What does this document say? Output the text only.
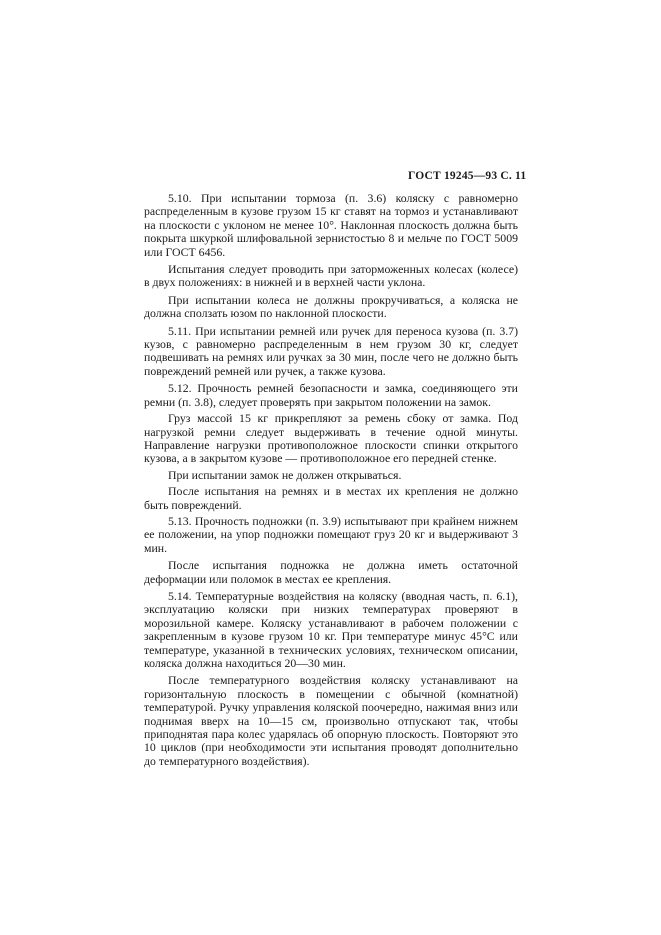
ГОСТ 19245—93 С. 11

5.10. При испытании тормоза (п. 3.6) коляску с равномерно распределенным в кузове грузом 15 кг ставят на тормоз и устанавливают на плоскости с уклоном не менее 10°. Наклонная плоскость должна быть покрыта шкуркой шлифовальной зернистостью 8 и мельче по ГОСТ 5009 или ГОСТ 6456.

Испытания следует проводить при заторможенных колесах (колесе) в двух положениях: в нижней и в верхней части уклона.

При испытании колеса не должны прокручиваться, а коляска не должна сползать юзом по наклонной плоскости.

5.11. При испытании ремней или ручек для переноса кузова (п. 3.7) кузов, с равномерно распределенным в нем грузом 30 кг, следует подвешивать на ремнях или ручках за 30 мин, после чего не должно быть повреждений ремней или ручек, а также кузова.

5.12. Прочность ремней безопасности и замка, соединяющего эти ремни (п. 3.8), следует проверять при закрытом положении на замок.

Груз массой 15 кг прикрепляют за ремень сбоку от замка. Под нагрузкой ремни следует выдерживать в течение одной минуты. Направление нагрузки противоположное плоскости спинки открытого кузова, а в закрытом кузове — противоположное его передней стенке.

При испытании замок не должен открываться.

После испытания на ремнях и в местах их крепления не должно быть повреждений.

5.13. Прочность подножки (п. 3.9) испытывают при крайнем нижнем ее положении, на упор подножки помещают груз 20 кг и выдерживают 3 мин.

После испытания подножка не должна иметь остаточной деформации или поломок в местах ее крепления.

5.14. Температурные воздействия на коляску (вводная часть, п. 6.1), эксплуатацию коляски при низких температурах проверяют в морозильной камере. Коляску устанавливают в рабочем положении с закрепленным в кузове грузом 10 кг. При температуре минус 45°С или температуре, указанной в технических условиях, техническом описании, коляска должна находиться 20—30 мин.

После температурного воздействия коляску устанавливают на горизонтальную плоскость в помещении с обычной (комнатной) температурой. Ручку управления коляской поочередно, нажимая вниз или поднимая вверх на 10—15 см, произвольно отпускают так, чтобы приподнятая пара колес ударялась об опорную плоскость. Повторяют это 10 циклов (при необходимости эти испытания проводят дополнительно до температурного воздействия).
